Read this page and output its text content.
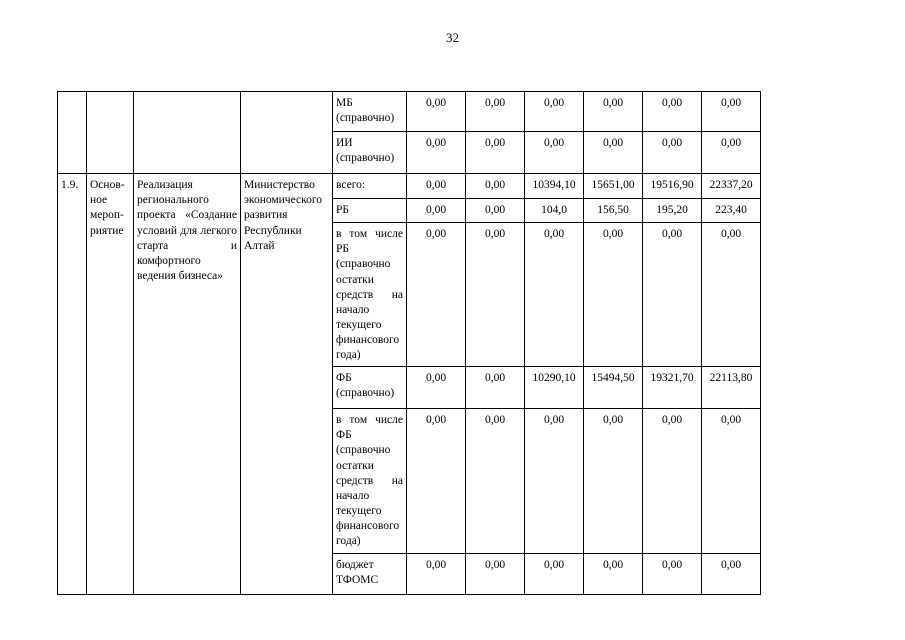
32
				МБ (справочно)	0,00	0,00	0,00	0,00	0,00	0,00
				ИИ (справочно)	0,00	0,00	0,00	0,00	0,00	0,00
1.9.	Основ-ное мероп-риятие	Реализация регионального проекта «Создание условий для легкого старта и комфортного ведения бизнеса»	Министерство экономического развития Республики Алтай	всего:	0,00	0,00	10394,10	15651,00	19516,90	22337,20
				РБ	0,00	0,00	104,0	156,50	195,20	223,40
				в том числе РБ (справочно остатки средств на начало текущего финансового года)	0,00	0,00	0,00	0,00	0,00	0,00
				ФБ (справочно)	0,00	0,00	10290,10	15494,50	19321,70	22113,80
				в том числе ФБ (справочно остатки средств на начало текущего финансового года)	0,00	0,00	0,00	0,00	0,00	0,00
				бюджет ТФОМС	0,00	0,00	0,00	0,00	0,00	0,00
